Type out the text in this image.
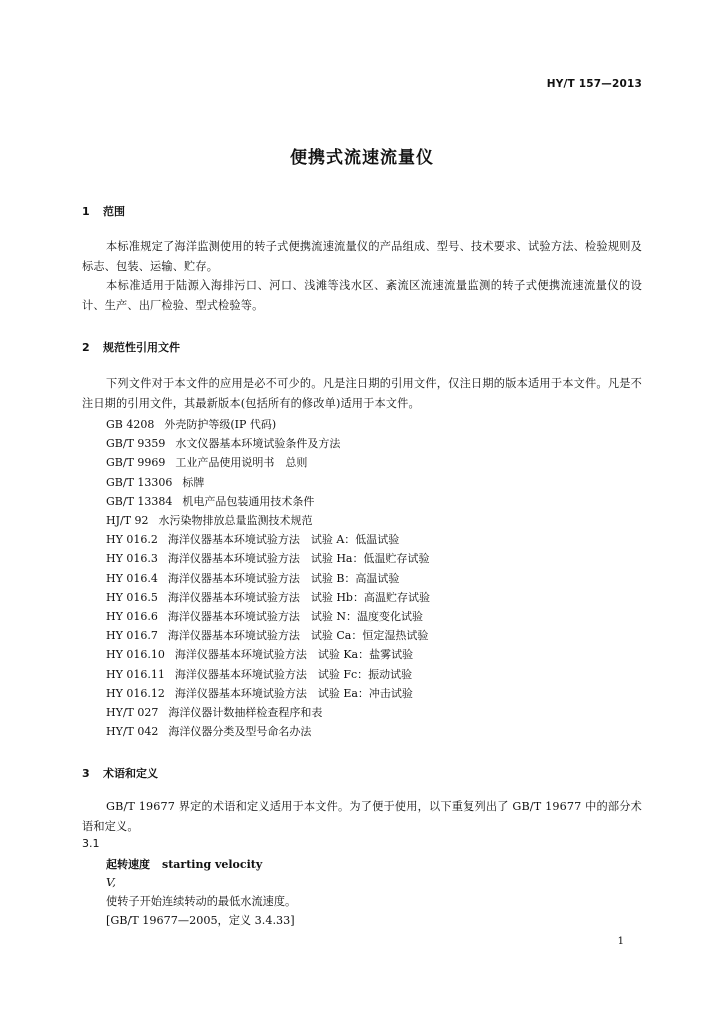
HY/T 157—2013
便携式流速流量仪
1 范围
本标准规定了海洋监测使用的转子式便携流速流量仪的产品组成、型号、技术要求、试验方法、检验规则及标志、包装、运输、贮存。
本标准适用于陆源入海排污口、河口、浅滩等浅水区、紊流区流速流量监测的转子式便携流速流量仪的设计、生产、出厂检验、型式检验等。
2 规范性引用文件
下列文件对于本文件的应用是必不可少的。凡是注日期的引用文件，仅注日期的版本适用于本文件。凡是不注日期的引用文件，其最新版本(包括所有的修改单)适用于本文件。
GB 4208 外壳防护等级(IP 代码)
GB/T 9359 水文仪器基本环境试验条件及方法
GB/T 9969 工业产品使用说明书　总则
GB/T 13306 标牌
GB/T 13384 机电产品包装通用技术条件
HJ/T 92 水污染物排放总量监测技术规范
HY 016.2 海洋仪器基本环境试验方法　试验 A：低温试验
HY 016.3 海洋仪器基本环境试验方法　试验 Ha：低温贮存试验
HY 016.4 海洋仪器基本环境试验方法　试验 B：高温试验
HY 016.5 海洋仪器基本环境试验方法　试验 Hb：高温贮存试验
HY 016.6 海洋仪器基本环境试验方法　试验 N：温度变化试验
HY 016.7 海洋仪器基本环境试验方法　试验 Ca：恒定湿热试验
HY 016.10 海洋仪器基本环境试验方法　试验 Ka：盐雾试验
HY 016.11 海洋仪器基本环境试验方法　试验 Fc：振动试验
HY 016.12 海洋仪器基本环境试验方法　试验 Ea：冲击试验
HY/T 027 海洋仪器计数抽样检查程序和表
HY/T 042 海洋仪器分类及型号命名办法
3 术语和定义
GB/T 19677 界定的术语和定义适用于本文件。为了便于使用，以下重复列出了 GB/T 19677 中的部分术语和定义。
3.1
起转速度 starting velocity
V,
使转子开始连续转动的最低水流速度。
[GB/T 19677—2005，定义 3.4.33]
1
